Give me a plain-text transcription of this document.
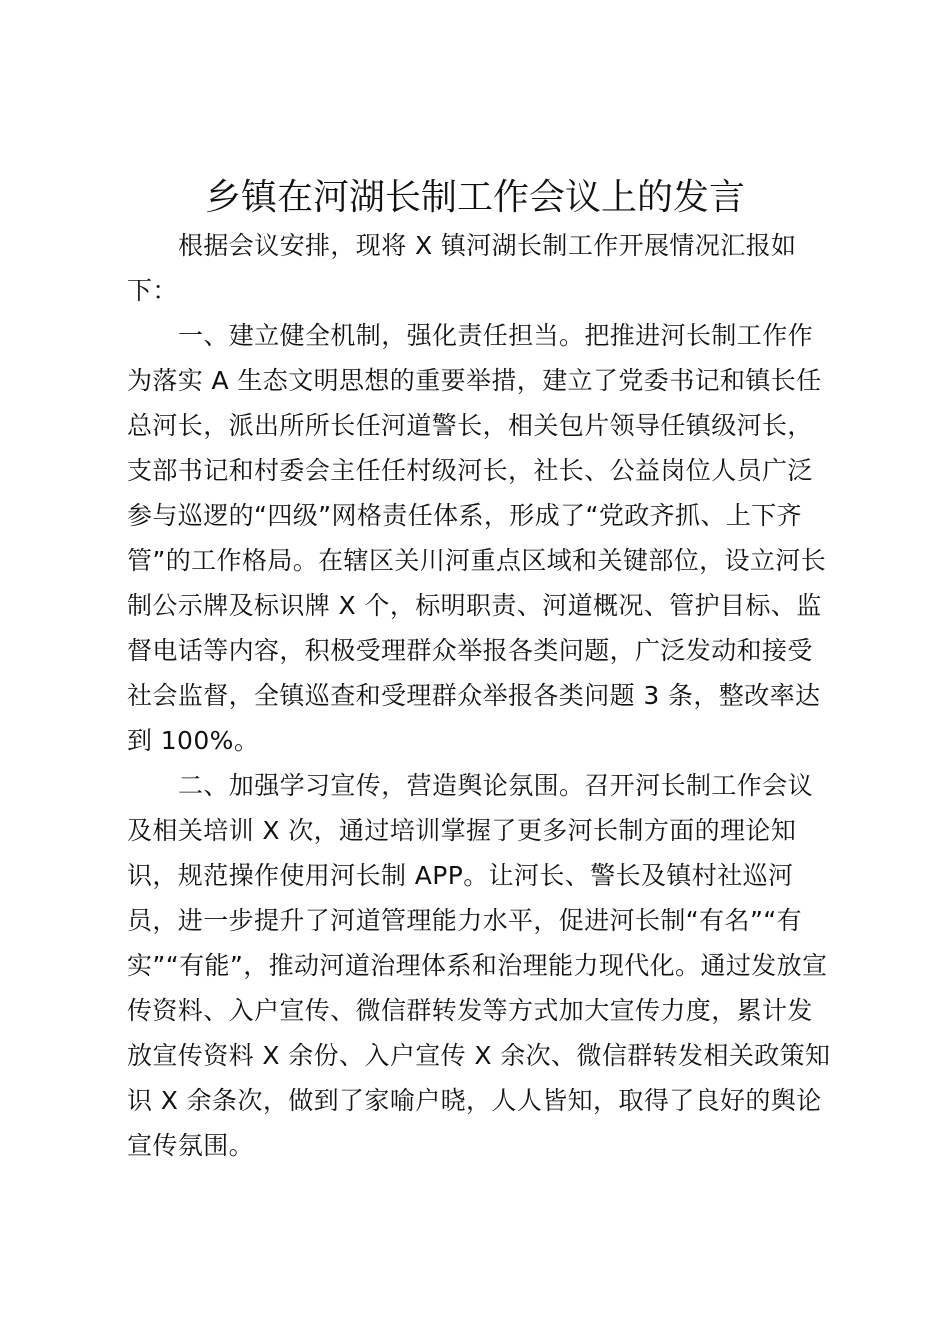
乡镇在河湖长制工作会议上的发言
根据会议安排，现将 X 镇河湖长制工作开展情况汇报如
下：
一、建立健全机制，强化责任担当。把推进河长制工作作
为落实 A 生态文明思想的重要举措，建立了党委书记和镇长任
总河长，派出所所长任河道警长，相关包片领导任镇级河长，
支部书记和村委会主任任村级河长，社长、公益岗位人员广泛
参与巡逻的“四级”网格责任体系，形成了“党政齐抓、上下齐
管”的工作格局。在辖区关川河重点区域和关键部位，设立河长
制公示牌及标识牌 X 个，标明职责、河道概况、管护目标、监
督电话等内容，积极受理群众举报各类问题，广泛发动和接受
社会监督，全镇巡查和受理群众举报各类问题 3 条，整改率达
到 100%。
二、加强学习宣传，营造舆论氛围。召开河长制工作会议
及相关培训 X 次，通过培训掌握了更多河长制方面的理论知
识，规范操作使用河长制 APP。让河长、警长及镇村社巡河
员，进一步提升了河道管理能力水平，促进河长制“有名”“有
实”“有能”，推动河道治理体系和治理能力现代化。通过发放宣
传资料、入户宣传、微信群转发等方式加大宣传力度，累计发
放宣传资料 X 余份、入户宣传 X 余次、微信群转发相关政策知
识 X 余条次，做到了家喻户晓，人人皆知，取得了良好的舆论
宣传氛围。
